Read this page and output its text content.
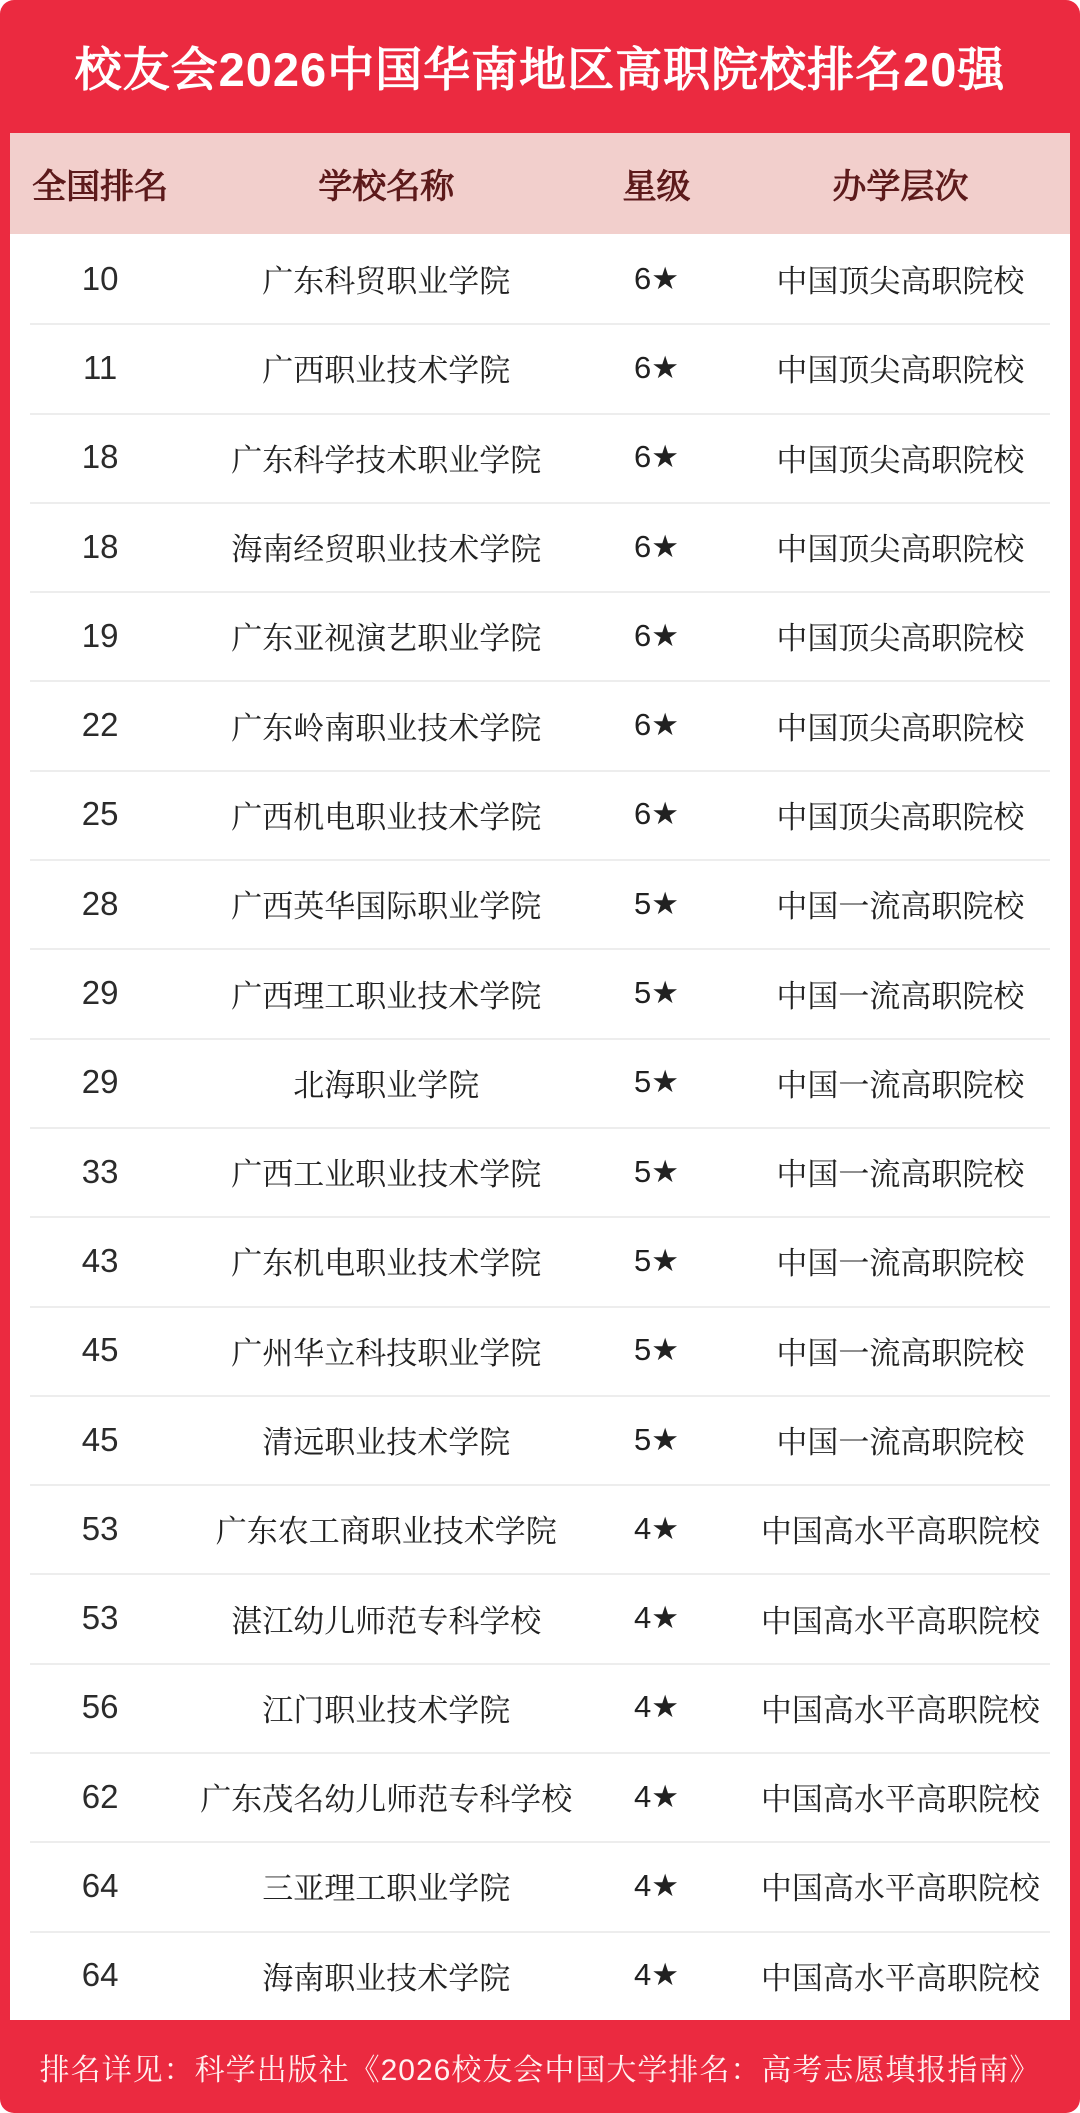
校友会2026中国华南地区高职院校排名20强
全国排名	学校名称	星级	办学层次
10	广东科贸职业学院	6★	中国顶尖高职院校
11	广西职业技术学院	6★	中国顶尖高职院校
18	广东科学技术职业学院	6★	中国顶尖高职院校
18	海南经贸职业技术学院	6★	中国顶尖高职院校
19	广东亚视演艺职业学院	6★	中国顶尖高职院校
22	广东岭南职业技术学院	6★	中国顶尖高职院校
25	广西机电职业技术学院	6★	中国顶尖高职院校
28	广西英华国际职业学院	5★	中国一流高职院校
29	广西理工职业技术学院	5★	中国一流高职院校
29	北海职业学院	5★	中国一流高职院校
33	广西工业职业技术学院	5★	中国一流高职院校
43	广东机电职业技术学院	5★	中国一流高职院校
45	广州华立科技职业学院	5★	中国一流高职院校
45	清远职业技术学院	5★	中国一流高职院校
53	广东农工商职业技术学院	4★	中国高水平高职院校
53	湛江幼儿师范专科学校	4★	中国高水平高职院校
56	江门职业技术学院	4★	中国高水平高职院校
62	广东茂名幼儿师范专科学校	4★	中国高水平高职院校
64	三亚理工职业学院	4★	中国高水平高职院校
64	海南职业技术学院	4★	中国高水平高职院校
排名详见：科学出版社《2026校友会中国大学排名：高考志愿填报指南》
